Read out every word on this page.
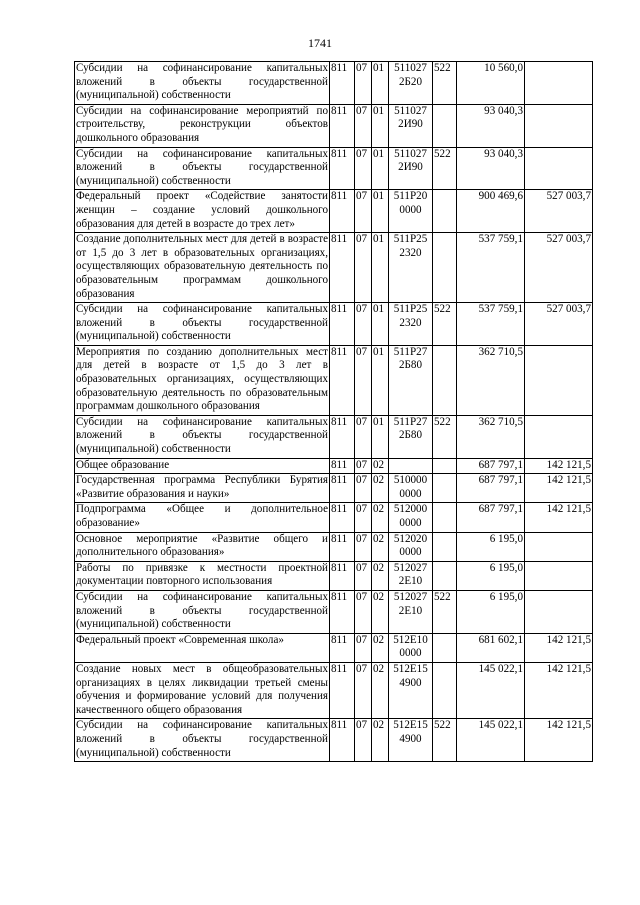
1741
Субсидии на софинансирование капитальных вложений в объекты государственной (муниципальной) собственности	811	07	01	511027 2Б20	522	10 560,0	
Субсидии на софинансирование мероприятий по строительству, реконструкции объектов дошкольного образования	811	07	01	511027 2И90		93 040,3	
Субсидии на софинансирование капитальных вложений в объекты государственной (муниципальной) собственности	811	07	01	511027 2И90	522	93 040,3	
Федеральный проект «Содействие занятости женщин – создание условий дошкольного образования для детей в возрасте до трех лет»	811	07	01	511Р20 0000		900 469,6	527 003,7
Создание дополнительных мест для детей в возрасте от 1,5 до 3 лет в образовательных организациях, осуществляющих образовательную деятельность по образовательным программам дошкольного образования	811	07	01	511Р25 2320		537 759,1	527 003,7
Субсидии на софинансирование капитальных вложений в объекты государственной (муниципальной) собственности	811	07	01	511Р25 2320	522	537 759,1	527 003,7
Мероприятия по созданию дополнительных мест для детей в возрасте от 1,5 до 3 лет в образовательных организациях, осуществляющих образовательную деятельность по образовательным программам дошкольного образования	811	07	01	511Р27 2Б80		362 710,5	
Субсидии на софинансирование капитальных вложений в объекты государственной (муниципальной) собственности	811	07	01	511Р27 2Б80	522	362 710,5	
Общее образование	811	07	02			687 797,1	142 121,5
Государственная программа Республики Бурятия «Развитие образования и науки»	811	07	02	510000 0000		687 797,1	142 121,5
Подпрограмма «Общее и дополнительное образование»	811	07	02	512000 0000		687 797,1	142 121,5
Основное мероприятие «Развитие общего и дополнительного образования»	811	07	02	512020 0000		6 195,0	
Работы по привязке к местности проектной документации повторного использования	811	07	02	512027 2Е10		6 195,0	
Субсидии на софинансирование капитальных вложений в объекты государственной (муниципальной) собственности	811	07	02	512027 2Е10	522	6 195,0	
Федеральный проект «Современная школа»	811	07	02	512Е10 0000		681 602,1	142 121,5
Создание новых мест в общеобразовательных организациях в целях ликвидации третьей смены обучения и формирование условий для получения качественного общего образования	811	07	02	512Е15 4900		145 022,1	142 121,5
Субсидии на софинансирование капитальных вложений в объекты государственной (муниципальной) собственности	811	07	02	512Е15 4900	522	145 022,1	142 121,5
